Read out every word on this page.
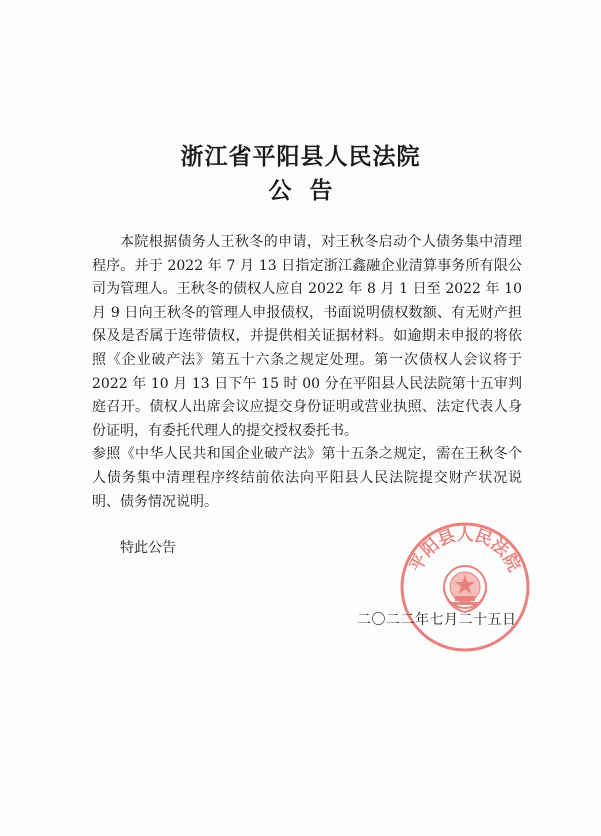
浙江省平阳县人民法院
公告

本院根据债务人王秋冬的申请，对王秋冬启动个人债务集中清理程序。并于 2022 年 7 月 13 日指定浙江鑫融企业清算事务所有限公司为管理人。王秋冬的债权人应自 2022 年 8 月 1 日至 2022 年 10 月 9 日向王秋冬的管理人申报债权，书面说明债权数额、有无财产担保及是否属于连带债权，并提供相关证据材料。如逾期未申报的将依照《企业破产法》第五十六条之规定处理。第一次债权人会议将于 2022 年 10 月 13 日下午 15 时 00 分在平阳县人民法院第十五审判庭召开。债权人出席会议应提交身份证明或营业执照、法定代表人身份证明，有委托代理人的提交授权委托书。

参照《中华人民共和国企业破产法》第十五条之规定，需在王秋冬个人债务集中清理程序终结前依法向平阳县人民法院提交财产状况说明、债务情况说明。

特此公告
平阳县人民法院
二〇二二年七月二十五日
